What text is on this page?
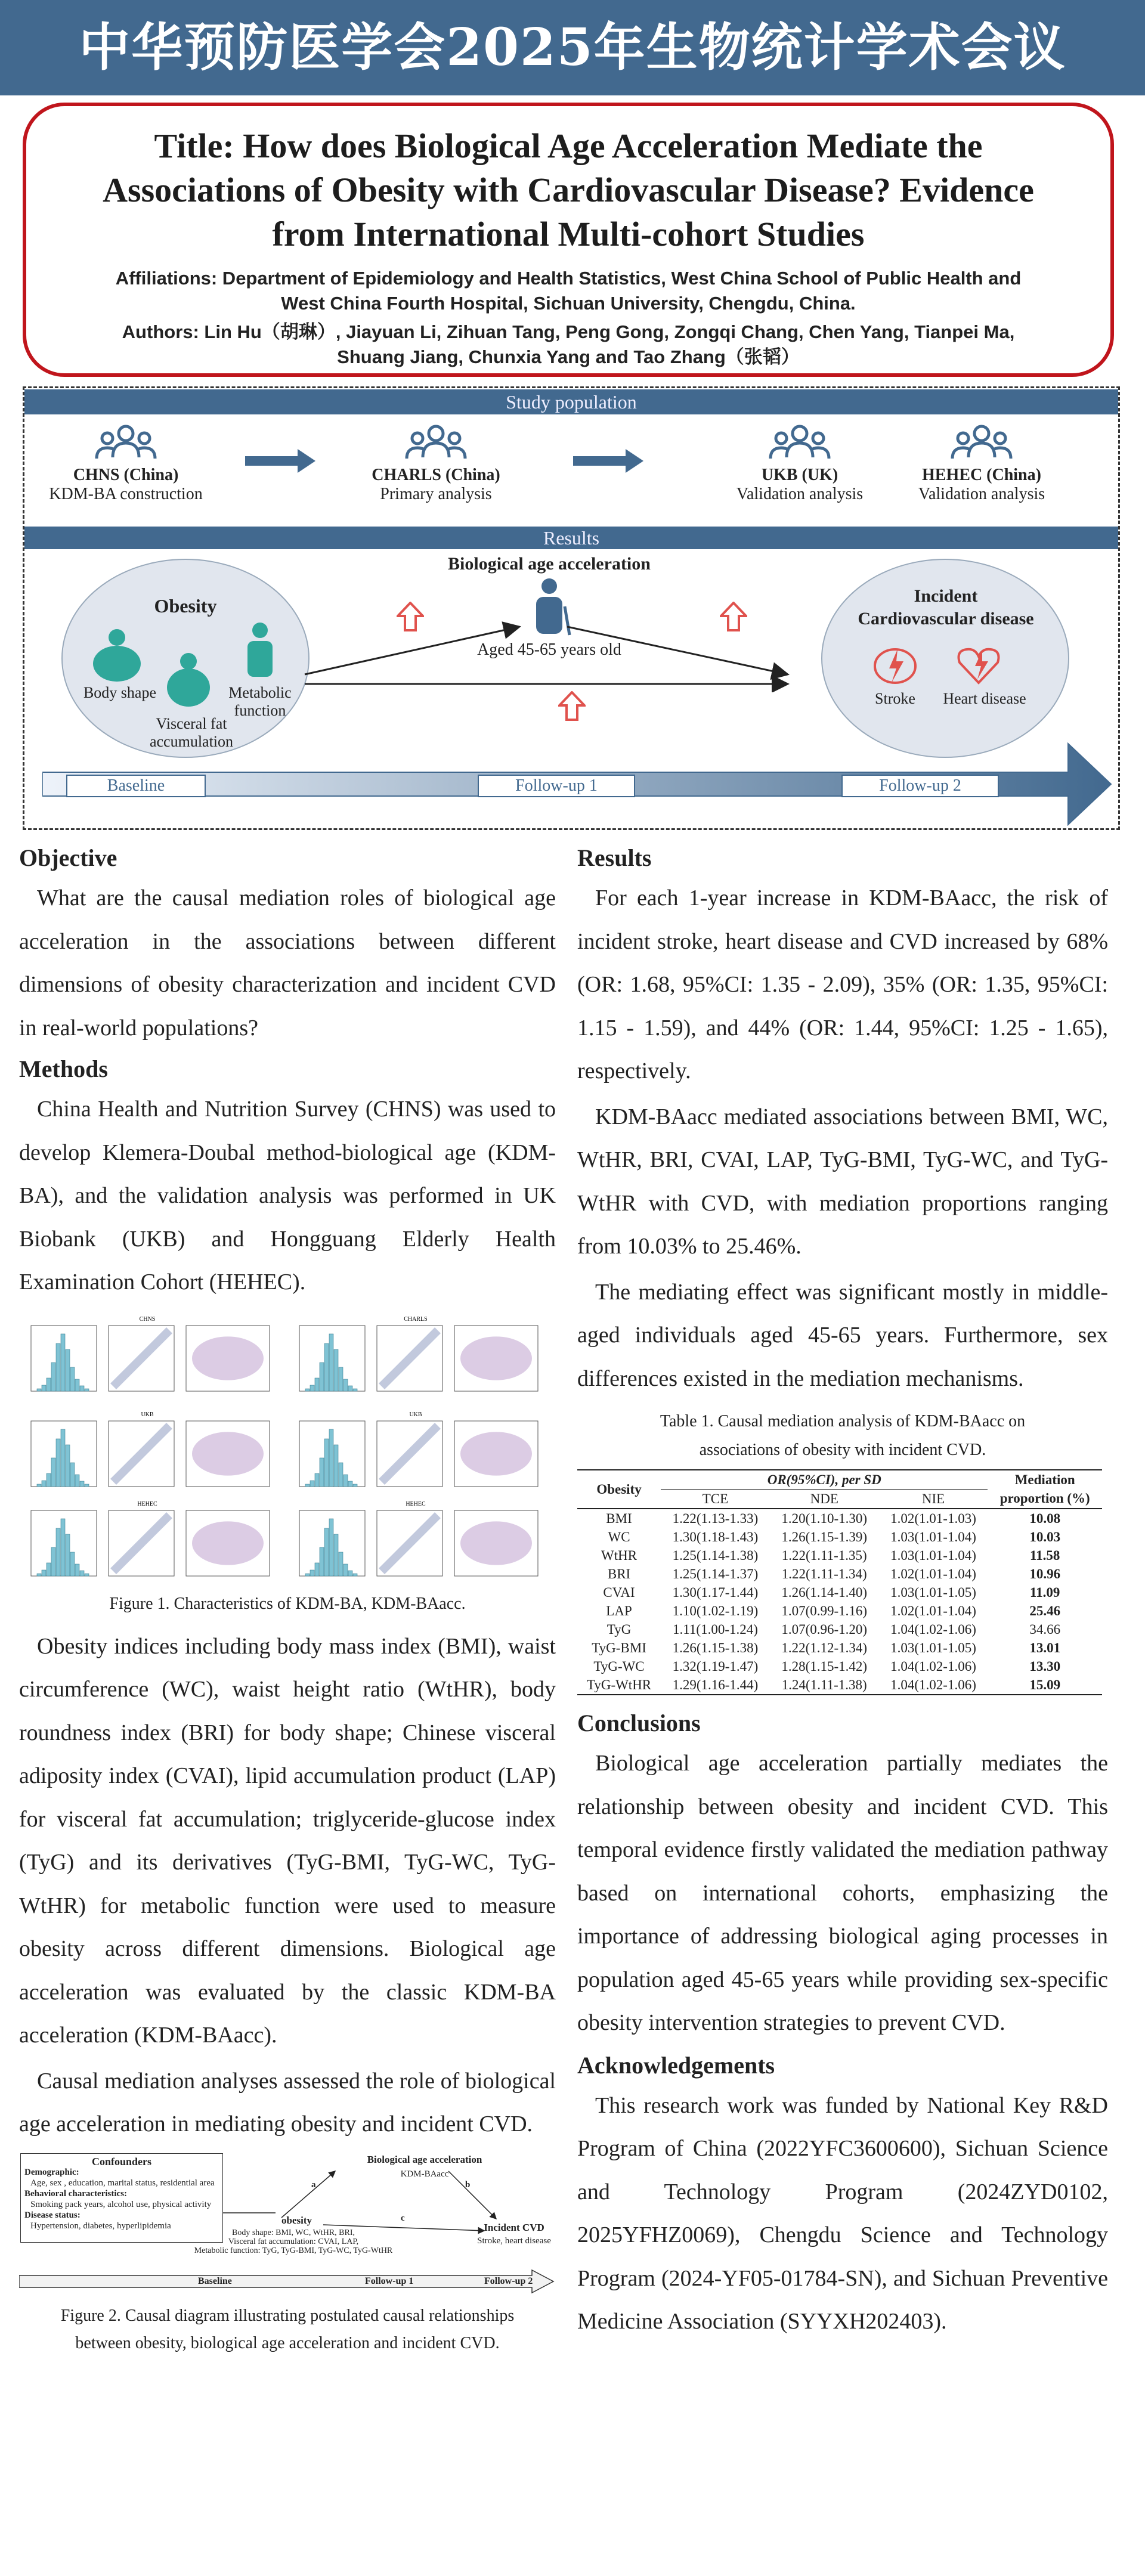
中华预防医学会2025年生物统计学术会议
Title: How does Biological Age Acceleration Mediate the Associations of Obesity with Cardiovascular Disease? Evidence from International Multi-cohort Studies
Affiliations: Department of Epidemiology and Health Statistics, West China School of Public Health and West China Fourth Hospital, Sichuan University, Chengdu, China.
Authors: Lin Hu（胡琳）, Jiayuan Li, Zihuan Tang, Peng Gong, Zongqi Chang, Chen Yang, Tianpei Ma, Shuang Jiang, Chunxia Yang and Tao Zhang（张韬）
Study population
CHNS (China)
KDM-BA construction
CHARLS (China)
Primary analysis
UKB (UK)
Validation analysis
HEHEC (China)
Validation analysis
Results
Obesity
Body shape
Visceral fat accumulation
Metabolic function
Biological age acceleration
Aged 45-65 years old
Incident Cardiovascular disease
Stroke	Heart disease
Baseline	Follow-up 1	Follow-up 2
Objective

What are the causal mediation roles of biological age acceleration in the associations between different dimensions of obesity characterization and incident CVD in real-world populations?

Methods

China Health and Nutrition Survey (CHNS) was used to develop Klemera-Doubal method-biological age (KDM-BA), and the validation analysis was performed in UK Biobank (UKB) and Hongguang Elderly Health Examination Cohort (HEHEC).

CHNS	CHARLS
UKB	UKB
HEHEC	HEHEC
Figure 1. Characteristics of KDM-BA, KDM-BAacc.

Obesity indices including body mass index (BMI), waist circumference (WC), waist height ratio (WtHR), body roundness index (BRI) for body shape; Chinese visceral adiposity index (CVAI), lipid accumulation product (LAP) for visceral fat accumulation; triglyceride-glucose index (TyG) and its derivatives (TyG-BMI, TyG-WC, TyG-WtHR) for metabolic function were used to measure obesity across different dimensions. Biological age acceleration was evaluated by the classic KDM-BA acceleration (KDM-BAacc).

Causal mediation analyses assessed the role of biological age acceleration in mediating obesity and incident CVD.

Confounders
Demographic:
Age, sex , education, marital status, residential area
Behavioral characteristics:
Smoking pack years, alcohol use, physical activity
Disease status:
Hypertension, diabetes, hyperlipidemia
Biological age acceleration
KDM-BAacc
a	b
c
obesity
Body shape: BMI, WC, WtHR, BRI,
Visceral fat accumulation: CVAI, LAP,
Metabolic function: TyG, TyG-BMI, TyG-WC, TyG-WtHR
Incident CVD
Stroke, heart disease
Baseline	Follow-up 1	Follow-up 2
Figure 2. Causal diagram illustrating postulated causal relationships
between obesity, biological age acceleration and incident CVD.
Results

For each 1-year increase in KDM-BAacc, the risk of incident stroke, heart disease and CVD increased by 68% (OR: 1.68, 95%CI: 1.35 - 2.09), 35% (OR: 1.35, 95%CI: 1.15 - 1.59), and 44% (OR: 1.44, 95%CI: 1.25 - 1.65), respectively.

KDM-BAacc mediated associations between BMI, WC, WtHR, BRI, CVAI, LAP, TyG-BMI, TyG-WC, and TyG-WtHR with CVD, with mediation proportions ranging from 10.03% to 25.46%.

The mediating effect was significant mostly in middle-aged individuals aged 45-65 years. Furthermore, sex differences existed in the mediation mechanisms.

Table 1. Causal mediation analysis of KDM-BAacc on
associations of obesity with incident CVD.
Obesity	OR(95%CI), per SD			Mediation
	TCE	NDE	NIE	proportion (%)
BMI	1.22(1.13-1.33)	1.20(1.10-1.30)	1.02(1.01-1.03)	10.08
WC	1.30(1.18-1.43)	1.26(1.15-1.39)	1.03(1.01-1.04)	10.03
WtHR	1.25(1.14-1.38)	1.22(1.11-1.35)	1.03(1.01-1.04)	11.58
BRI	1.25(1.14-1.37)	1.22(1.11-1.34)	1.02(1.01-1.04)	10.96
CVAI	1.30(1.17-1.44)	1.26(1.14-1.40)	1.03(1.01-1.05)	11.09
LAP	1.10(1.02-1.19)	1.07(0.99-1.16)	1.02(1.01-1.04)	25.46
TyG	1.11(1.00-1.24)	1.07(0.96-1.20)	1.04(1.02-1.06)	34.66
TyG-BMI	1.26(1.15-1.38)	1.22(1.12-1.34)	1.03(1.01-1.05)	13.01
TyG-WC	1.32(1.19-1.47)	1.28(1.15-1.42)	1.04(1.02-1.06)	13.30
TyG-WtHR	1.29(1.16-1.44)	1.24(1.11-1.38)	1.04(1.02-1.06)	15.09
Conclusions

Biological age acceleration partially mediates the relationship between obesity and incident CVD. This temporal evidence firstly validated the mediation pathway based on international cohorts, emphasizing the importance of addressing biological aging processes in population aged 45-65 years while providing sex-specific obesity intervention strategies to prevent CVD.

Acknowledgements

This research work was funded by National Key R&D Program of China (2022YFC3600600), Sichuan Science and Technology Program (2024ZYD0102, 2025YFHZ0069), Chengdu Science and Technology Program (2024-YF05-01784-SN), and Sichuan Preventive Medicine Association (SYYXH202403).
